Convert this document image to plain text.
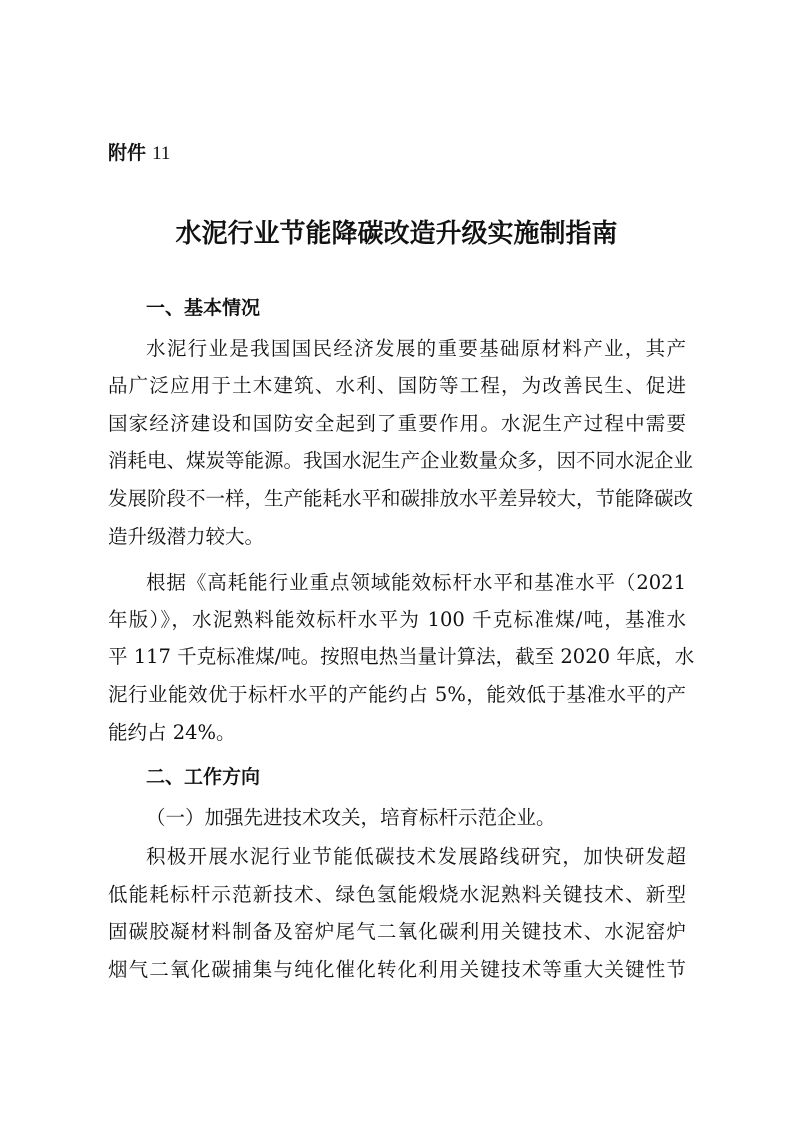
附件 11
水泥行业节能降碳改造升级实施制指南
一、基本情况
水泥行业是我国国民经济发展的重要基础原材料产业，其产
品广泛应用于土木建筑、水利、国防等工程，为改善民生、促进
国家经济建设和国防安全起到了重要作用。水泥生产过程中需要
消耗电、煤炭等能源。我国水泥生产企业数量众多，因不同水泥企业
发展阶段不一样，生产能耗水平和碳排放水平差异较大，节能降碳改
造升级潜力较大。
根据《高耗能行业重点领域能效标杆水平和基准水平（2021
年版）》，水泥熟料能效标杆水平为 100 千克标准煤/吨，基准水
平 117 千克标准煤/吨。按照电热当量计算法，截至 2020 年底，水
泥行业能效优于标杆水平的产能约占 5%，能效低于基准水平的产
能约占 24%。
二、工作方向
（一）加强先进技术攻关，培育标杆示范企业。
积极开展水泥行业节能低碳技术发展路线研究，加快研发超
低能耗标杆示范新技术、绿色氢能煅烧水泥熟料关键技术、新型
固碳胶凝材料制备及窑炉尾气二氧化碳利用关键技术、水泥窑炉
烟气二氧化碳捕集与纯化催化转化利用关键技术等重大关键性节
